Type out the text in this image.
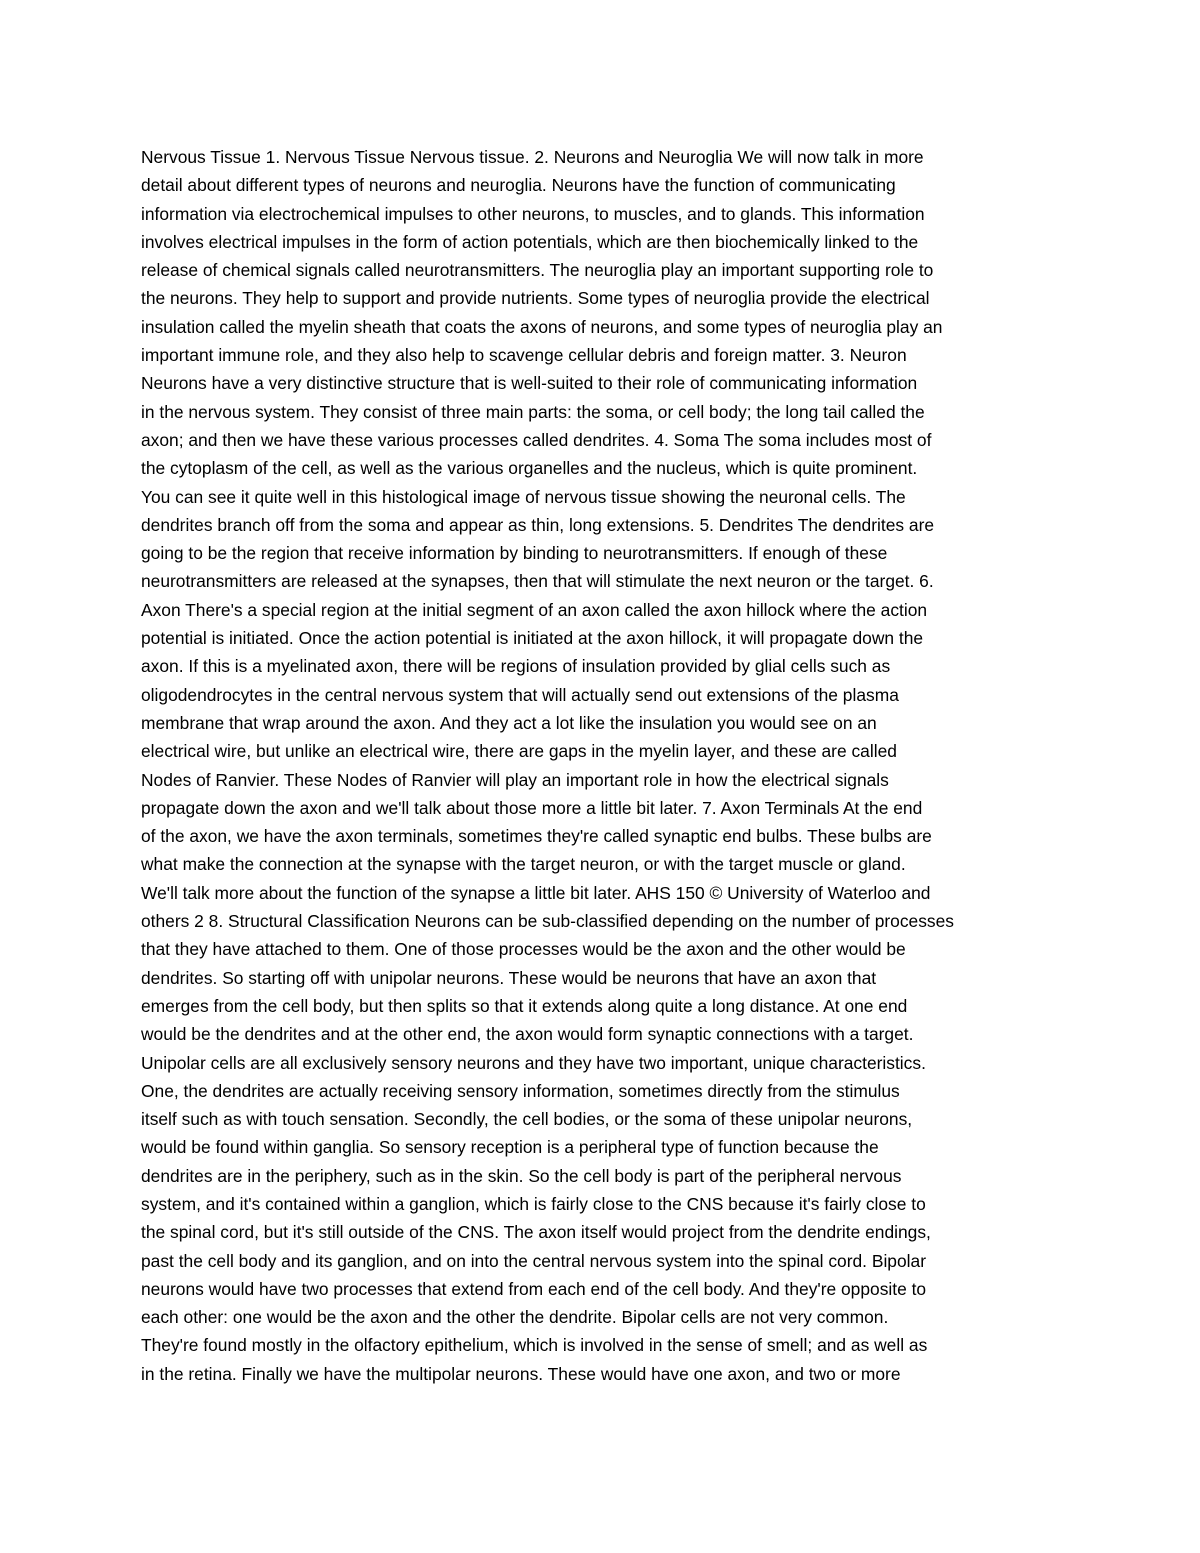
Nervous Tissue 1. Nervous Tissue Nervous tissue. 2. Neurons and Neuroglia We will now talk in more
detail about different types of neurons and neuroglia. Neurons have the function of communicating
information via electrochemical impulses to other neurons, to muscles, and to glands. This information
involves electrical impulses in the form of action potentials, which are then biochemically linked to the
release of chemical signals called neurotransmitters. The neuroglia play an important supporting role to
the neurons. They help to support and provide nutrients. Some types of neuroglia provide the electrical
insulation called the myelin sheath that coats the axons of neurons, and some types of neuroglia play an
important immune role, and they also help to scavenge cellular debris and foreign matter. 3. Neuron
Neurons have a very distinctive structure that is well-suited to their role of communicating information
in the nervous system. They consist of three main parts: the soma, or cell body; the long tail called the
axon; and then we have these various processes called dendrites. 4. Soma The soma includes most of
the cytoplasm of the cell, as well as the various organelles and the nucleus, which is quite prominent.
You can see it quite well in this histological image of nervous tissue showing the neuronal cells. The
dendrites branch off from the soma and appear as thin, long extensions. 5. Dendrites The dendrites are
going to be the region that receive information by binding to neurotransmitters. If enough of these
neurotransmitters are released at the synapses, then that will stimulate the next neuron or the target. 6.
Axon There's a special region at the initial segment of an axon called the axon hillock where the action
potential is initiated. Once the action potential is initiated at the axon hillock, it will propagate down the
axon. If this is a myelinated axon, there will be regions of insulation provided by glial cells such as
oligodendrocytes in the central nervous system that will actually send out extensions of the plasma
membrane that wrap around the axon. And they act a lot like the insulation you would see on an
electrical wire, but unlike an electrical wire, there are gaps in the myelin layer, and these are called
Nodes of Ranvier. These Nodes of Ranvier will play an important role in how the electrical signals
propagate down the axon and we'll talk about those more a little bit later. 7. Axon Terminals At the end
of the axon, we have the axon terminals, sometimes they're called synaptic end bulbs. These bulbs are
what make the connection at the synapse with the target neuron, or with the target muscle or gland.
We'll talk more about the function of the synapse a little bit later. AHS 150 © University of Waterloo and
others 2 8. Structural Classification Neurons can be sub-classified depending on the number of processes
that they have attached to them. One of those processes would be the axon and the other would be
dendrites. So starting off with unipolar neurons. These would be neurons that have an axon that
emerges from the cell body, but then splits so that it extends along quite a long distance. At one end
would be the dendrites and at the other end, the axon would form synaptic connections with a target.
Unipolar cells are all exclusively sensory neurons and they have two important, unique characteristics.
One, the dendrites are actually receiving sensory information, sometimes directly from the stimulus
itself such as with touch sensation. Secondly, the cell bodies, or the soma of these unipolar neurons,
would be found within ganglia. So sensory reception is a peripheral type of function because the
dendrites are in the periphery, such as in the skin. So the cell body is part of the peripheral nervous
system, and it's contained within a ganglion, which is fairly close to the CNS because it's fairly close to
the spinal cord, but it's still outside of the CNS. The axon itself would project from the dendrite endings,
past the cell body and its ganglion, and on into the central nervous system into the spinal cord. Bipolar
neurons would have two processes that extend from each end of the cell body. And they're opposite to
each other: one would be the axon and the other the dendrite. Bipolar cells are not very common.
They're found mostly in the olfactory epithelium, which is involved in the sense of smell; and as well as
in the retina. Finally we have the multipolar neurons. These would have one axon, and two or more
